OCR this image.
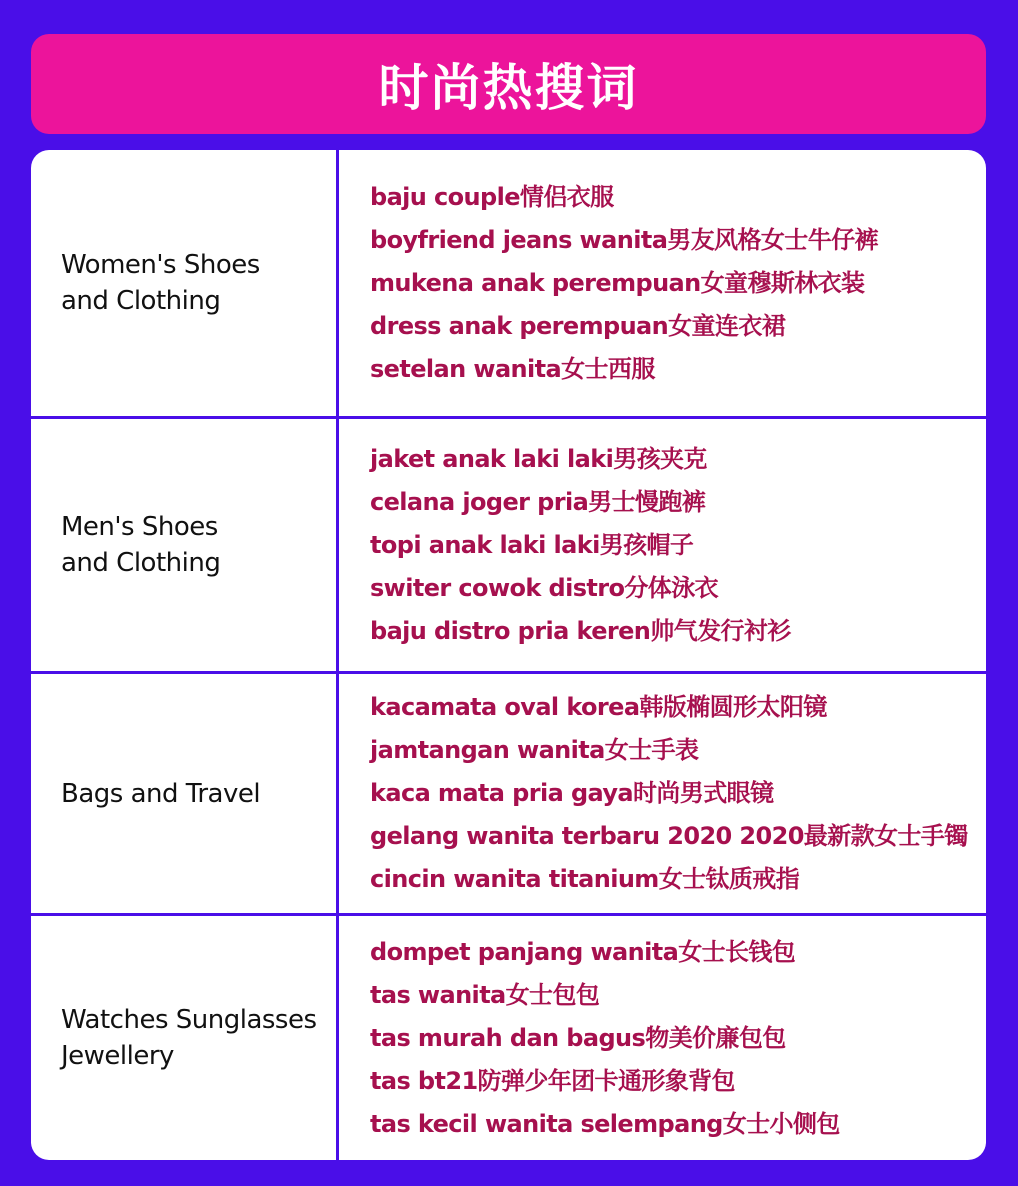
时尚热搜词
Women's Shoes
and Clothing
baju couple情侣衣服
boyfriend jeans wanita男友风格女士牛仔裤
mukena anak perempuan女童穆斯林衣装
dress anak perempuan女童连衣裙
setelan wanita女士西服
Men's Shoes
and Clothing
jaket anak laki laki男孩夹克
celana joger pria男士慢跑裤
topi anak laki laki男孩帽子
switer cowok distro分体泳衣
baju distro pria keren帅气发行衬衫
Bags and Travel
kacamata oval korea韩版椭圆形太阳镜
jamtangan wanita女士手表
kaca mata pria gaya时尚男式眼镜
gelang wanita terbaru 2020 2020最新款女士手镯
cincin wanita titanium女士钛质戒指
Watches Sunglasses
Jewellery
dompet panjang wanita女士长钱包
tas wanita女士包包
tas murah dan bagus物美价廉包包
tas bt21防弹少年团卡通形象背包
tas kecil wanita selempang女士小侧包
